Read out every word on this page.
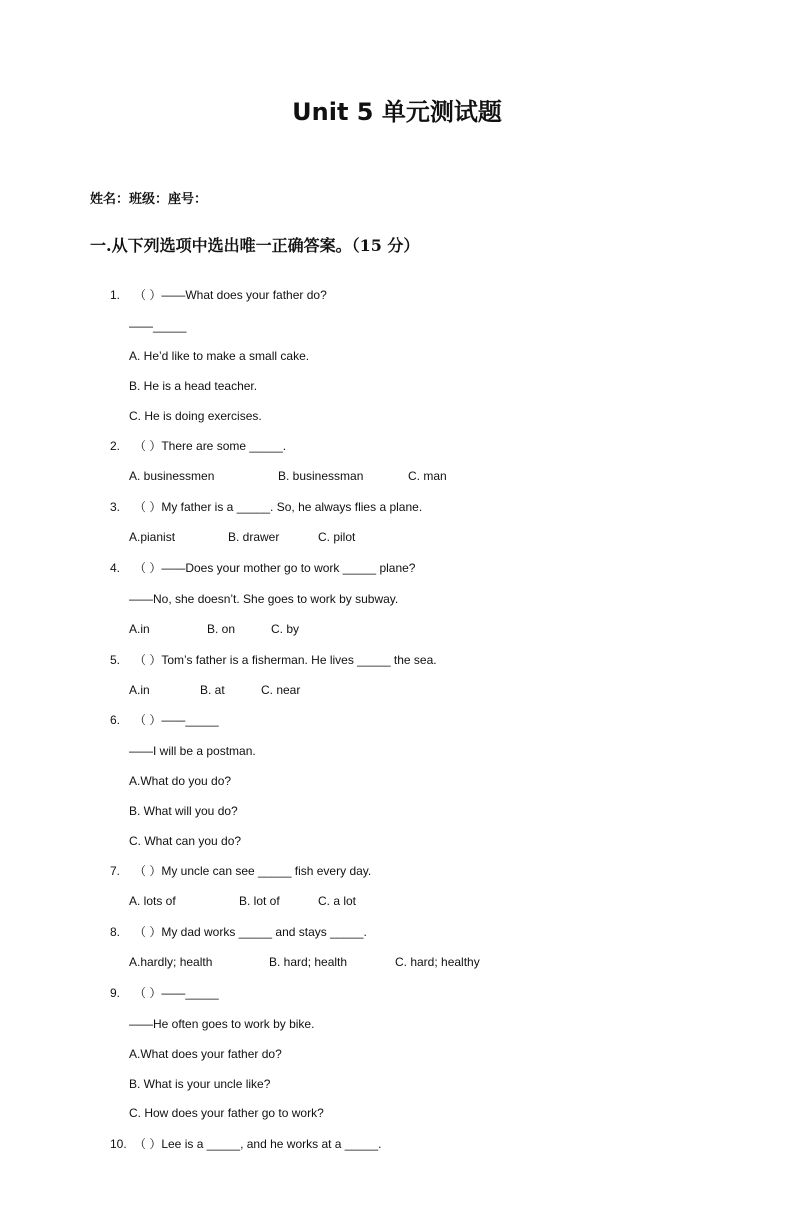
Unit 5 单元测试题
姓名：班级：座号：
一.从下列选项中选出唯一正确答案。（15 分）
1.	（ ）——What does your father do?
——_____
A. He’d like to make a small cake.
B. He is a head teacher.
C. He is doing exercises.
2.	（ ）There are some _____.
A. businessmen	B. businessman	C. man
3.	（ ）My father is a _____. So, he always flies a plane.
A.pianist	B. drawer	C. pilot
4.	（ ）——Does your mother go to work _____ plane?
——No, she doesn’t. She goes to work by subway.
A.in	B. on	C. by
5.	（ ）Tom’s father is a fisherman. He lives _____ the sea.
A.in	B. at	C. near
6.	（ ）——_____
——I will be a postman.
A.What do you do?
B. What will you do?
C. What can you do?
7.	（ ）My uncle can see _____ fish every day.
A. lots of	B. lot of	C. a lot
8.	（ ）My dad works _____ and stays _____.
A.hardly; health	B. hard; health	C. hard; healthy
9.	（ ）——_____
——He often goes to work by bike.
A.What does your father do?
B. What is your uncle like?
C. How does your father go to work?
10. （ ）Lee is a _____, and he works at a _____.
